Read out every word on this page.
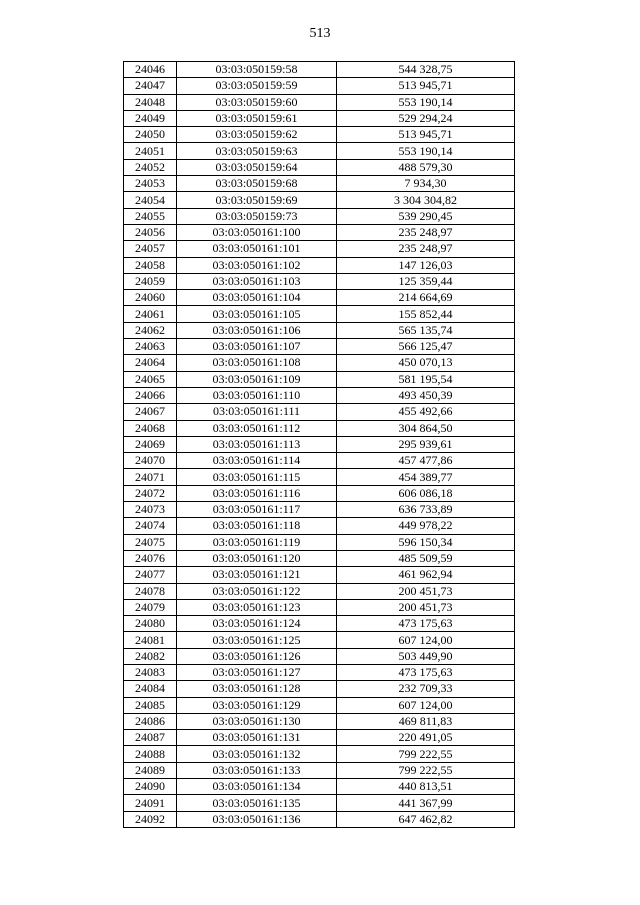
513
24046	03:03:050159:58	544 328,75
24047	03:03:050159:59	513 945,71
24048	03:03:050159:60	553 190,14
24049	03:03:050159:61	529 294,24
24050	03:03:050159:62	513 945,71
24051	03:03:050159:63	553 190,14
24052	03:03:050159:64	488 579,30
24053	03:03:050159:68	7 934,30
24054	03:03:050159:69	3 304 304,82
24055	03:03:050159:73	539 290,45
24056	03:03:050161:100	235 248,97
24057	03:03:050161:101	235 248,97
24058	03:03:050161:102	147 126,03
24059	03:03:050161:103	125 359,44
24060	03:03:050161:104	214 664,69
24061	03:03:050161:105	155 852,44
24062	03:03:050161:106	565 135,74
24063	03:03:050161:107	566 125,47
24064	03:03:050161:108	450 070,13
24065	03:03:050161:109	581 195,54
24066	03:03:050161:110	493 450,39
24067	03:03:050161:111	455 492,66
24068	03:03:050161:112	304 864,50
24069	03:03:050161:113	295 939,61
24070	03:03:050161:114	457 477,86
24071	03:03:050161:115	454 389,77
24072	03:03:050161:116	606 086,18
24073	03:03:050161:117	636 733,89
24074	03:03:050161:118	449 978,22
24075	03:03:050161:119	596 150,34
24076	03:03:050161:120	485 509,59
24077	03:03:050161:121	461 962,94
24078	03:03:050161:122	200 451,73
24079	03:03:050161:123	200 451,73
24080	03:03:050161:124	473 175,63
24081	03:03:050161:125	607 124,00
24082	03:03:050161:126	503 449,90
24083	03:03:050161:127	473 175,63
24084	03:03:050161:128	232 709,33
24085	03:03:050161:129	607 124,00
24086	03:03:050161:130	469 811,83
24087	03:03:050161:131	220 491,05
24088	03:03:050161:132	799 222,55
24089	03:03:050161:133	799 222,55
24090	03:03:050161:134	440 813,51
24091	03:03:050161:135	441 367,99
24092	03:03:050161:136	647 462,82
